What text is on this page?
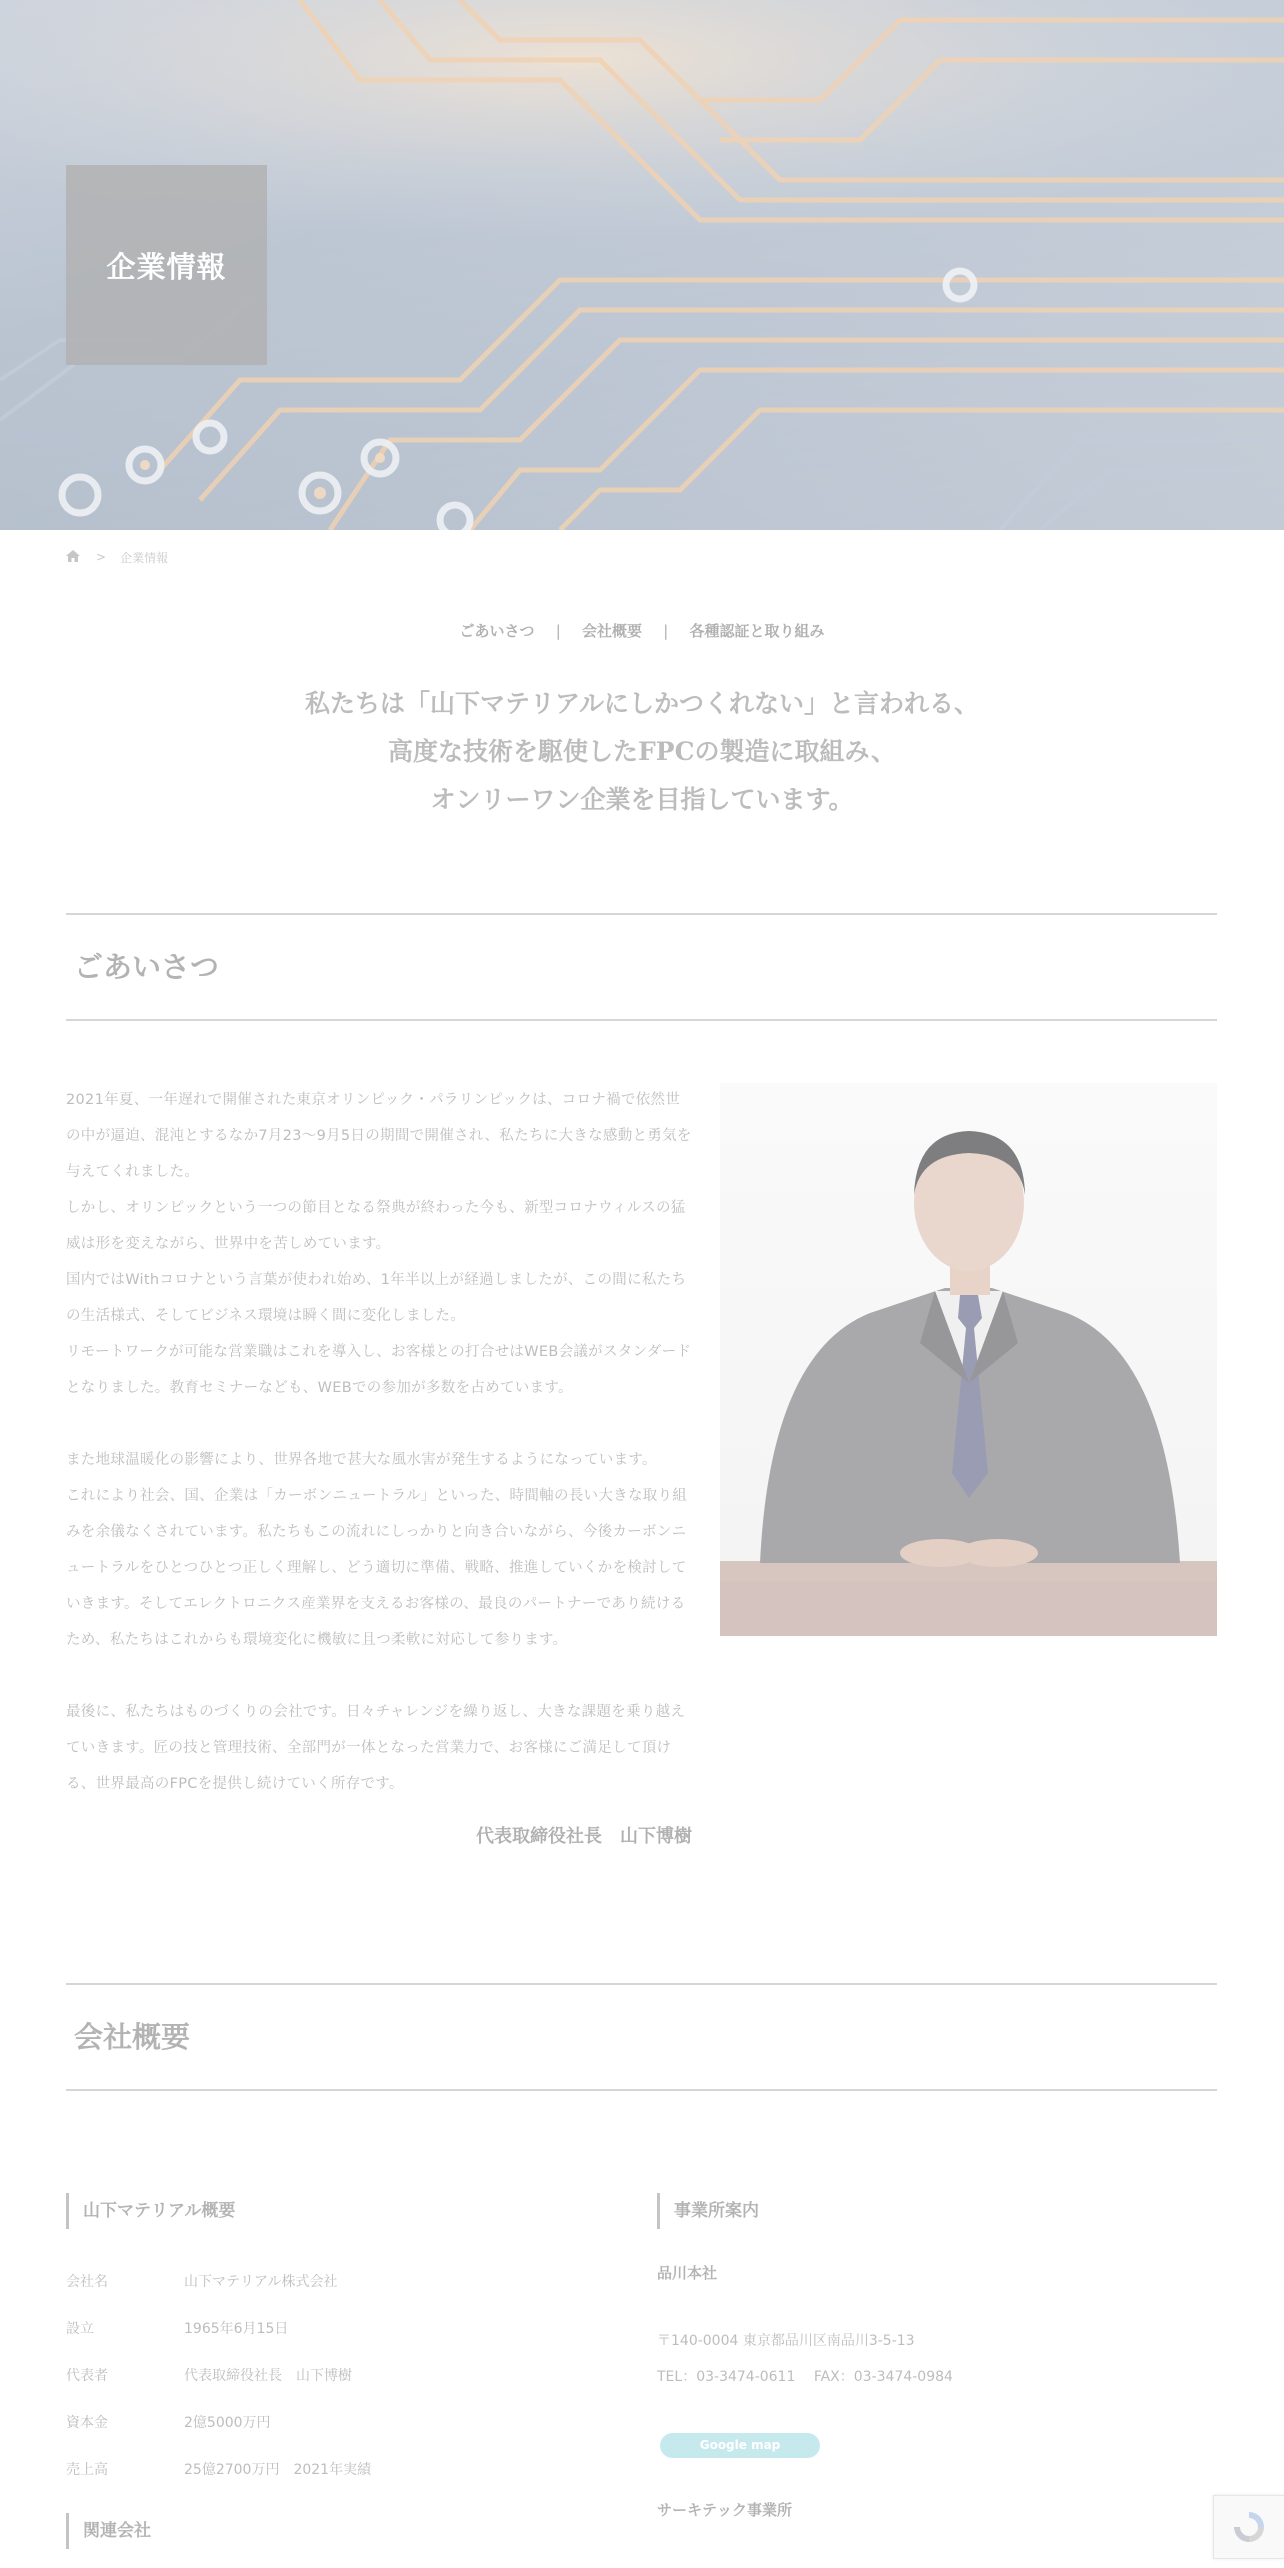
企業情報
> 企業情報
ごあいさつ | 会社概要 | 各種認証と取り組み
私たちは「山下マテリアルにしかつくれない」と言われる、
高度な技術を駆使したFPCの製造に取組み、
オンリーワン企業を目指しています。
ごあいさつ

2021年夏、一年遅れで開催された東京オリンピック・パラリンピックは、コロナ禍で依然世の中が逼迫、混沌とするなか7月23～9月5日の期間で開催され、私たちに大きな感動と勇気を与えてくれました。

しかし、オリンピックという一つの節目となる祭典が終わった今も、新型コロナウィルスの猛威は形を変えながら、世界中を苦しめています。

国内ではWithコロナという言葉が使われ始め、1年半以上が経過しましたが、この間に私たちの生活様式、そしてビジネス環境は瞬く間に変化しました。

リモートワークが可能な営業職はこれを導入し、お客様との打合せはWEB会議がスタンダードとなりました。教育セミナーなども、WEBでの参加が多数を占めています。

また地球温暖化の影響により、世界各地で甚大な風水害が発生するようになっています。

これにより社会、国、企業は「カーボンニュートラル」といった、時間軸の長い大きな取り組みを余儀なくされています。私たちもこの流れにしっかりと向き合いながら、今後カーボンニュートラルをひとつひとつ正しく理解し、どう適切に準備、戦略、推進していくかを検討していきます。そしてエレクトロニクス産業界を支えるお客様の、最良のパートナーであり続けるため、私たちはこれからも環境変化に機敏に且つ柔軟に対応して参ります。

最後に、私たちはものづくりの会社です。日々チャレンジを繰り返し、大きな課題を乗り越えていきます。匠の技と管理技術、全部門が一体となった営業力で、お客様にご満足して頂ける、世界最高のFPCを提供し続けていく所存です。

代表取締役社長　山下博樹
会社概要
山下マテリアル概要
会社名	山下マテリアル株式会社
設立	1965年6月15日
代表者	代表取締役社長　山下博樹
資本金	2億5000万円
売上高	25億2700万円　2021年実績
関連会社
事業所案内
品川本社
〒140-0004 東京都品川区南品川3-5-13
TEL：03-3474-0611　 FAX：03-3474-0984
Google map
サーキテック事業所
